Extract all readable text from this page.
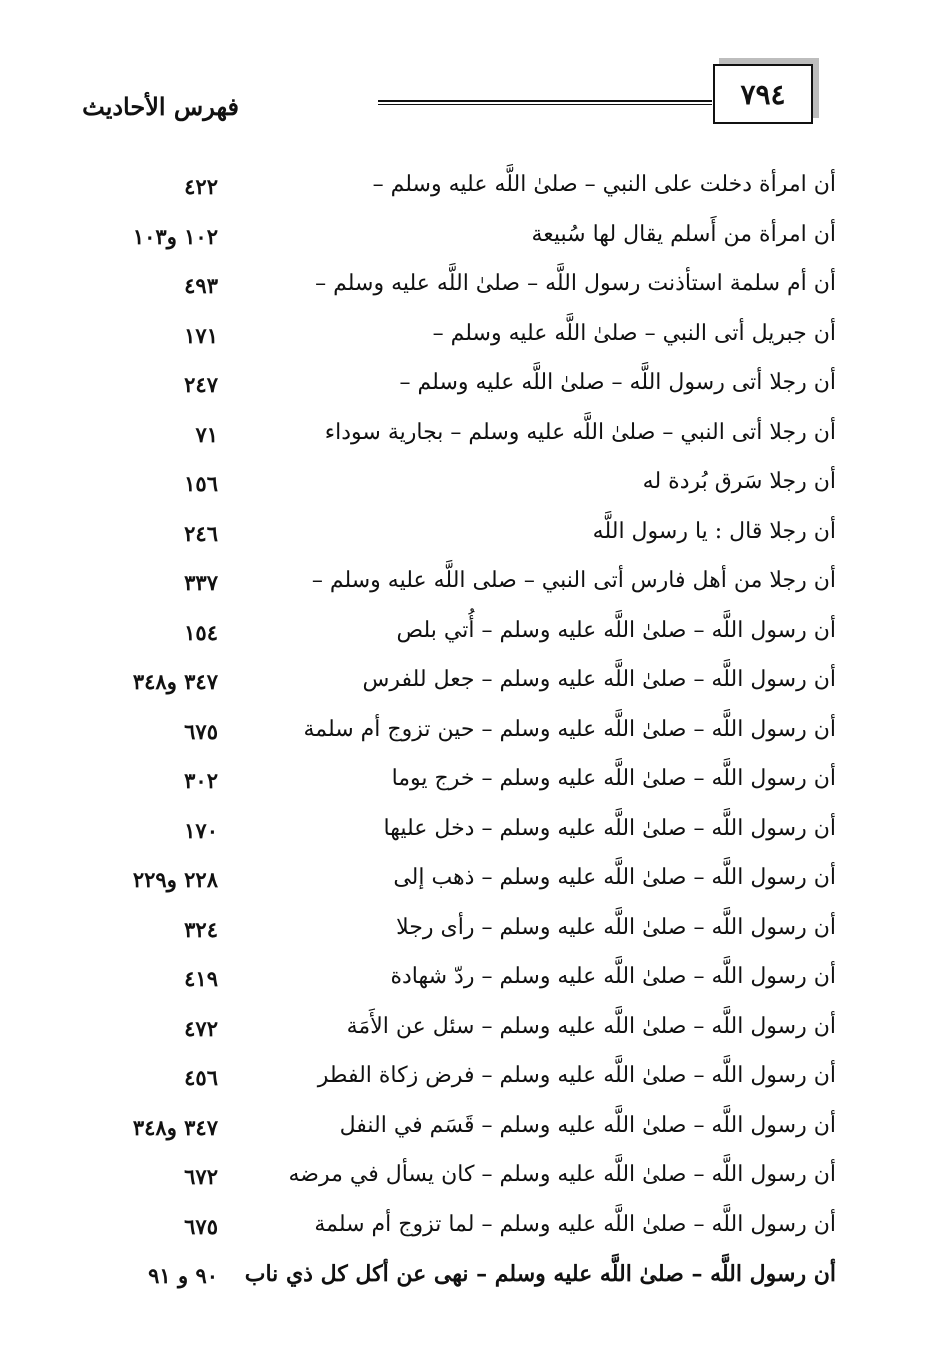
٧٩٤
فهرس الأحاديث
أن امرأة دخلت على النبي – صلىٰ اللَّه عليه وسلم –
٤٢٢
أن امرأة من أَسلم يقال لها سُبيعة
١٠٢ و١٠٣
أن أم سلمة استأذنت رسول اللَّه – صلىٰ اللَّه عليه وسلم –
٤٩٣
أن جبريل أتى النبي – صلىٰ اللَّه عليه وسلم –
١٧١
أن رجلا أتى رسول اللَّه – صلىٰ اللَّه عليه وسلم –
٢٤٧
أن رجلا أتى النبي – صلىٰ اللَّه عليه وسلم – بجارية سوداء
٧١
أن رجلا سَرق بُردة له
١٥٦
أن رجلا قال : يا رسول اللَّه
٢٤٦
أن رجلا من أهل فارس أتى النبي – صلى اللَّه عليه وسلم –
٣٣٧
أن رسول اللَّه – صلىٰ اللَّه عليه وسلم – أُتي بلص
١٥٤
أن رسول اللَّه – صلىٰ اللَّه عليه وسلم – جعل للفرس
٣٤٧ و٣٤٨
أن رسول اللَّه – صلىٰ اللَّه عليه وسلم – حين تزوج أم سلمة
٦٧٥
أن رسول اللَّه – صلىٰ اللَّه عليه وسلم – خرج يوما
٣٠٢
أن رسول اللَّه – صلىٰ اللَّه عليه وسلم – دخل عليها
١٧٠
أن رسول اللَّه – صلىٰ اللَّه عليه وسلم – ذهب إلى
٢٢٨ و٢٢٩
أن رسول اللَّه – صلىٰ اللَّه عليه وسلم – رأى رجلا
٣٢٤
أن رسول اللَّه – صلىٰ اللَّه عليه وسلم – ردّ شهادة
٤١٩
أن رسول اللَّه – صلىٰ اللَّه عليه وسلم – سئل عن الأَمَة
٤٧٢
أن رسول اللَّه – صلىٰ اللَّه عليه وسلم – فرض زكاة الفطر
٤٥٦
أن رسول اللَّه – صلىٰ اللَّه عليه وسلم – قَسَم في النفل
٣٤٧ و٣٤٨
أن رسول اللَّه – صلىٰ اللَّه عليه وسلم – كان يسأل في مرضه
٦٧٢
أن رسول اللَّه – صلىٰ اللَّه عليه وسلم – لما تزوج أم سلمة
٦٧٥
أن رسول اللَّه – صلىٰ اللَّه عليه وسلم – نهى عن أكل كل ذي ناب
٩٠ و ٩١
